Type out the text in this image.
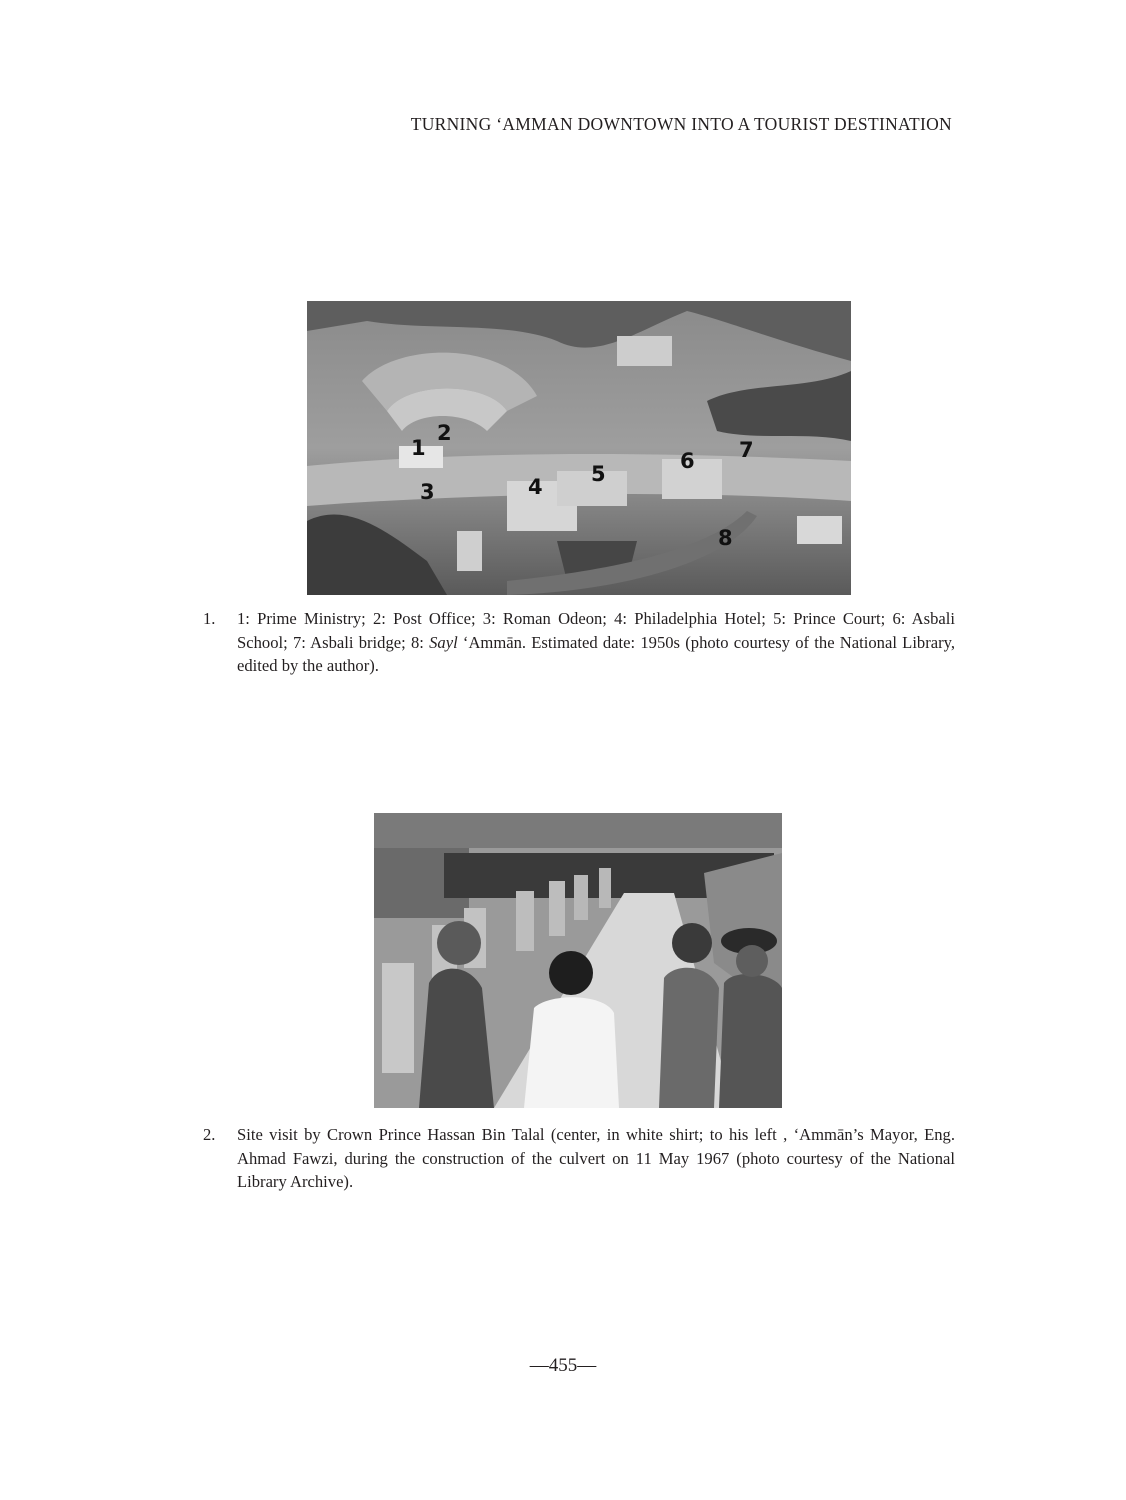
TURNING ‘AMMAN DOWNTOWN INTO A TOURIST DESTINATION
1
2
3	4
5
6 7
8
1. 1: Prime Ministry; 2: Post Office; 3: Roman Odeon; 4: Philadelphia Hotel; 5: Prince Court; 6: Asbali School; 7: Asbali bridge; 8: Sayl ‘Ammān. Estimated date: 1950s (photo courtesy of the National Library, edited by the author).
2. Site visit by Crown Prince Hassan Bin Talal (center, in white shirt; to his left , ‘Ammān’s Mayor, Eng. Ahmad Fawzi, during the construction of the culvert on 11 May 1967 (photo courtesy of the National Library Archive).
—455—
